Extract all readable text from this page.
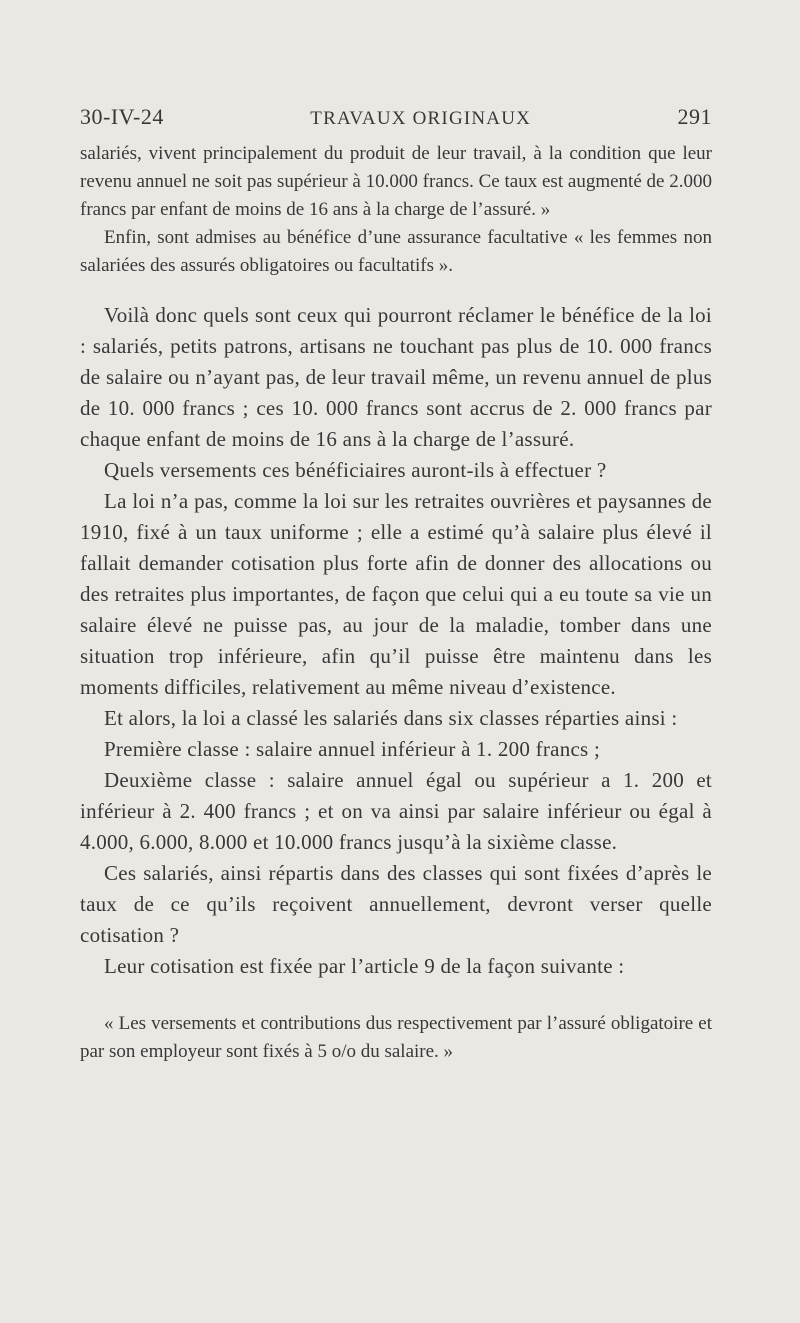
30-IV-24	TRAVAUX ORIGINAUX	291

salariés, vivent principalement du produit de leur travail, à la condition que leur revenu annuel ne soit pas supérieur à 10.000 francs. Ce taux est augmenté de 2.000 francs par enfant de moins de 16 ans à la charge de l’assuré. »

Enfin, sont admises au bénéfice d’une assurance facultative « les femmes non salariées des assurés obligatoires ou facultatifs ».

Voilà donc quels sont ceux qui pourront réclamer le bénéfice de la loi : salariés, petits patrons, artisans ne touchant pas plus de 10. 000 francs de salaire ou n’ayant pas, de leur travail même, un revenu annuel de plus de 10. 000 francs ; ces 10. 000 francs sont accrus de 2. 000 francs par chaque enfant de moins de 16 ans à la charge de l’assuré.

Quels versements ces bénéficiaires auront-ils à effectuer ?

La loi n’a pas, comme la loi sur les retraites ouvrières et paysannes de 1910, fixé à un taux uniforme ; elle a estimé qu’à salaire plus élevé il fallait demander cotisation plus forte afin de donner des allocations ou des retraites plus importantes, de façon que celui qui a eu toute sa vie un salaire élevé ne puisse pas, au jour de la maladie, tomber dans une situation trop inférieure, afin qu’il puisse être maintenu dans les moments difficiles, relativement au même niveau d’existence.

Et alors, la loi a classé les salariés dans six classes réparties ainsi :

Première classe : salaire annuel inférieur à 1. 200 francs ;

Deuxième classe : salaire annuel égal ou supérieur a 1. 200 et inférieur à 2. 400 francs ; et on va ainsi par salaire inférieur ou égal à 4.000, 6.000, 8.000 et 10.000 francs jusqu’à la sixième classe.

Ces salariés, ainsi répartis dans des classes qui sont fixées d’après le taux de ce qu’ils reçoivent annuellement, devront verser quelle cotisation ?

Leur cotisation est fixée par l’article 9 de la façon suivante :

« Les versements et contributions dus respectivement par l’assuré obligatoire et par son employeur sont fixés à 5 o/o du salaire. »
